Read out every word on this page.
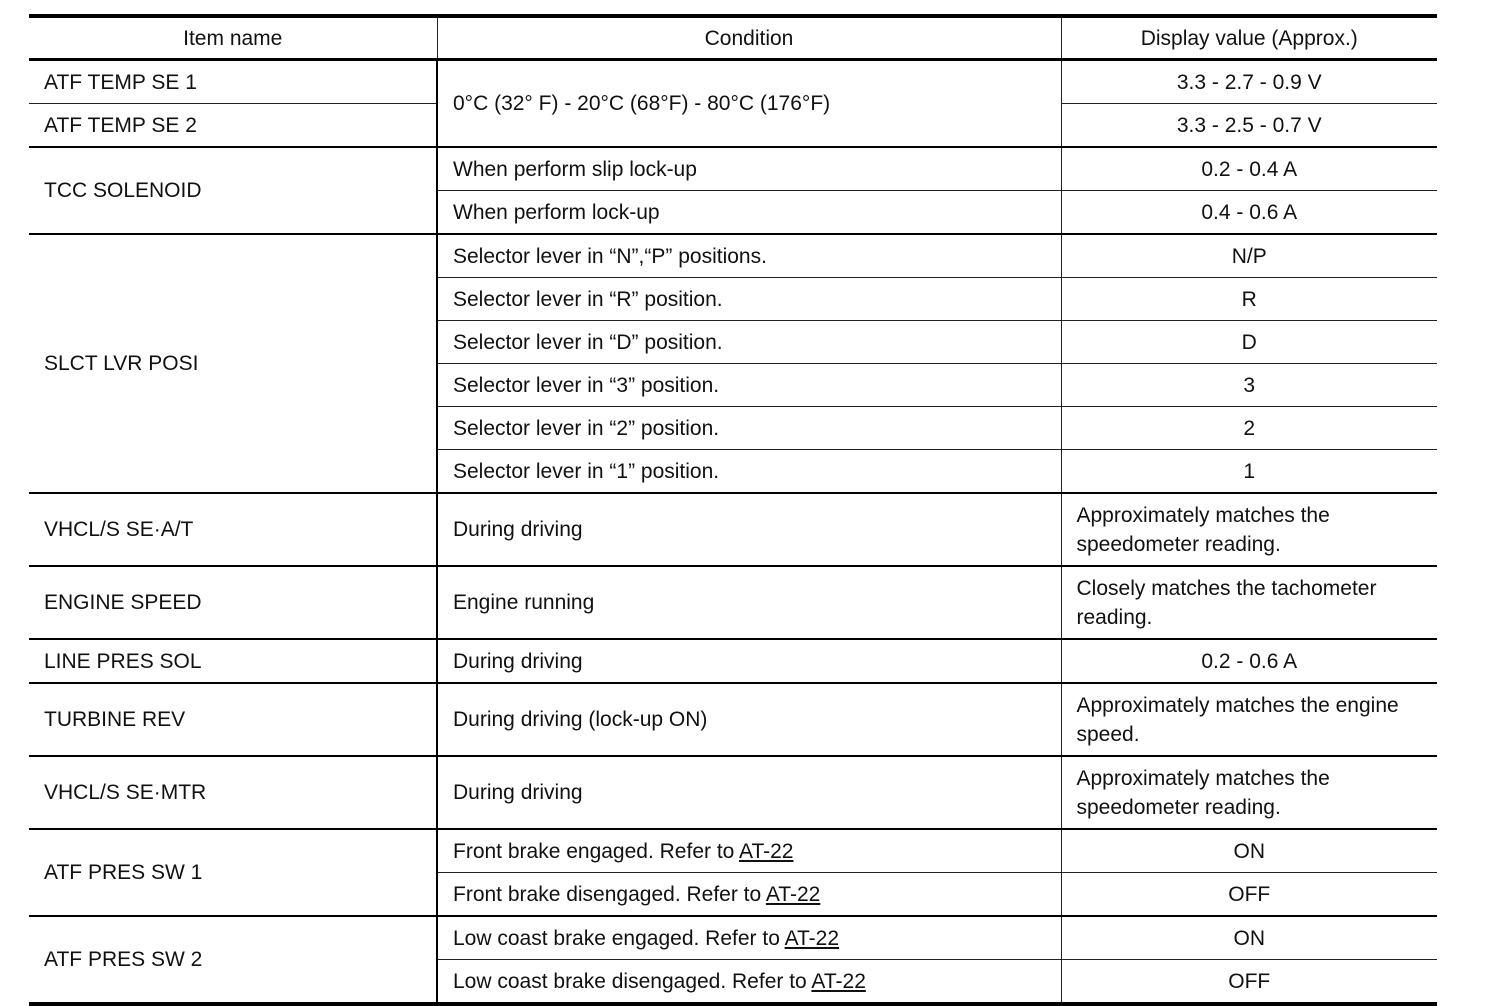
Item name	Condition	Display value (Approx.)
ATF TEMP SE 1	0°C (32° F) - 20°C (68°F) - 80°C (176°F)	3.3 - 2.7 - 0.9 V
ATF TEMP SE 2		3.3 - 2.5 - 0.7 V
TCC SOLENOID	When perform slip lock-up	0.2 - 0.4 A
	When perform lock-up	0.4 - 0.6 A
SLCT LVR POSI	Selector lever in “N”,“P” positions.	N/P
	Selector lever in “R” position.	R
	Selector lever in “D” position.	D
	Selector lever in “3” position.	3
	Selector lever in “2” position.	2
	Selector lever in “1” position.	1
VHCL/S SE·A/T	During driving	Approximately matches the speedometer reading.
ENGINE SPEED	Engine running	Closely matches the tachometer reading.
LINE PRES SOL	During driving	0.2 - 0.6 A
TURBINE REV	During driving (lock-up ON)	Approximately matches the engine speed.
VHCL/S SE·MTR	During driving	Approximately matches the speedometer reading.
ATF PRES SW 1	Front brake engaged. Refer to AT-22	ON
	Front brake disengaged. Refer to AT-22	OFF
ATF PRES SW 2	Low coast brake engaged. Refer to AT-22	ON
	Low coast brake disengaged. Refer to AT-22	OFF
